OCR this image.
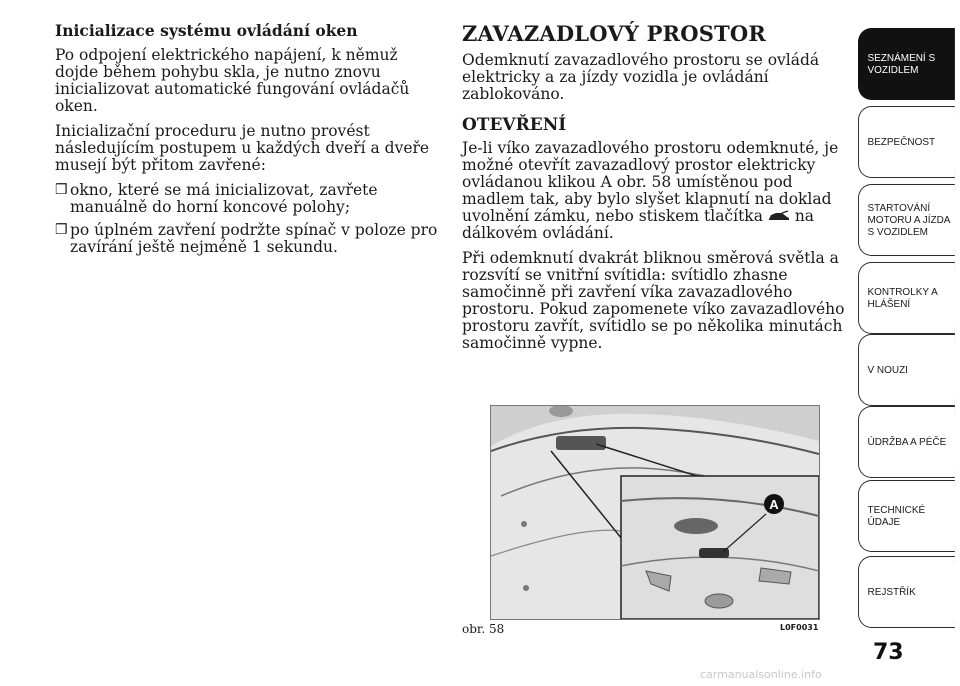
Inicializace systému ovládání oken

Po odpojení elektrického napájení, k němuž dojde během pohybu skla, je nutno znovu inicializovat automatické fungování ovládačů oken.

Inicializační proceduru je nutno provést následujícím postupem u každých dveří a dveře musejí být přitom zavřené:

❒ okno, které se má inicializovat, zavřete manuálně do horní koncové polohy;
❒ po úplném zavření podržte spínač v poloze pro zavírání ještě nejméně 1 sekundu.
ZAVAZADLOVÝ PROSTOR

Odemknutí zavazadlového prostoru se ovládá elektricky a za jízdy vozidla je ovládání zablokováno.

OTEVŘENÍ

Je-li víko zavazadlového prostoru odemknuté, je možné otevřít zavazadlový prostor elektricky ovládanou klikou A obr. 58 umístěnou pod madlem tak, aby bylo slyšet klapnutí na doklad uvolnění zámku, nebo stiskem tlačítka na dálkovém ovládání.

Při odemknutí dvakrát bliknou směrová světla a rozsvítí se vnitřní svítidla: svítidlo zhasne samočinně při zavření víka zavazadlového prostoru. Pokud zapomenete víko zavazadlového prostoru zavřít, svítidlo se po několika minutách samočinně vypne.

A
obr. 58	L0F0031
SEZNÁMENÍ S
VOZIDLEM
BEZPEČNOST
STARTOVÁNÍ
MOTORU A JÍZDA
S VOZIDLEM
KONTROLKY A
HLÁŠENÍ
V NOUZI
ÚDRŽBA A PÉČE
TECHNICKÉ
ÚDAJE
REJSTŘÍK
73
carmanualsonline.info
